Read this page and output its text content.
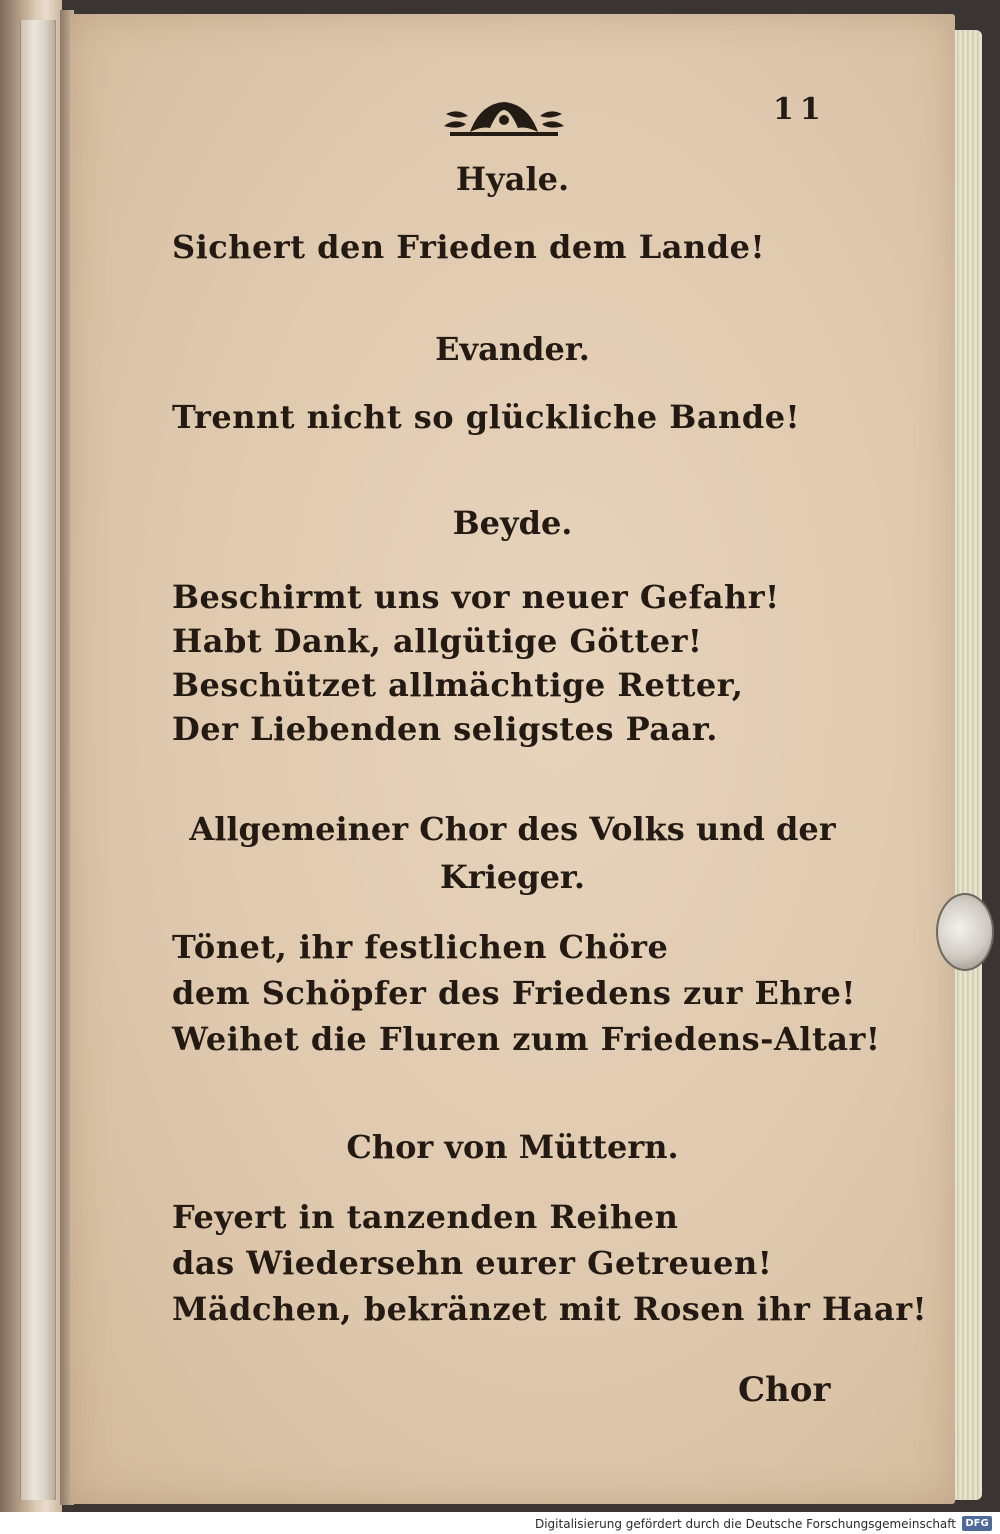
11
Hyale.
Sichert den Frieden dem Lande!
Evander.
Trennt nicht so glückliche Bande!
Beyde.
Beschirmt uns vor neuer Gefahr!
Habt Dank, allgütige Götter!
Beschützet allmächtige Retter,
Der Liebenden seligstes Paar.
Allgemeiner Chor des Volks und der
Krieger.
Tönet, ihr festlichen Chöre
dem Schöpfer des Friedens zur Ehre!
Weihet die Fluren zum Friedens-Altar!
Chor von Müttern.
Feyert in tanzenden Reihen
das Wiedersehn eurer Getreuen!
Mädchen, bekränzet mit Rosen ihr Haar!
Chor
Digitalisierung gefördert durch die Deutsche Forschungsgemeinschaft DFG
